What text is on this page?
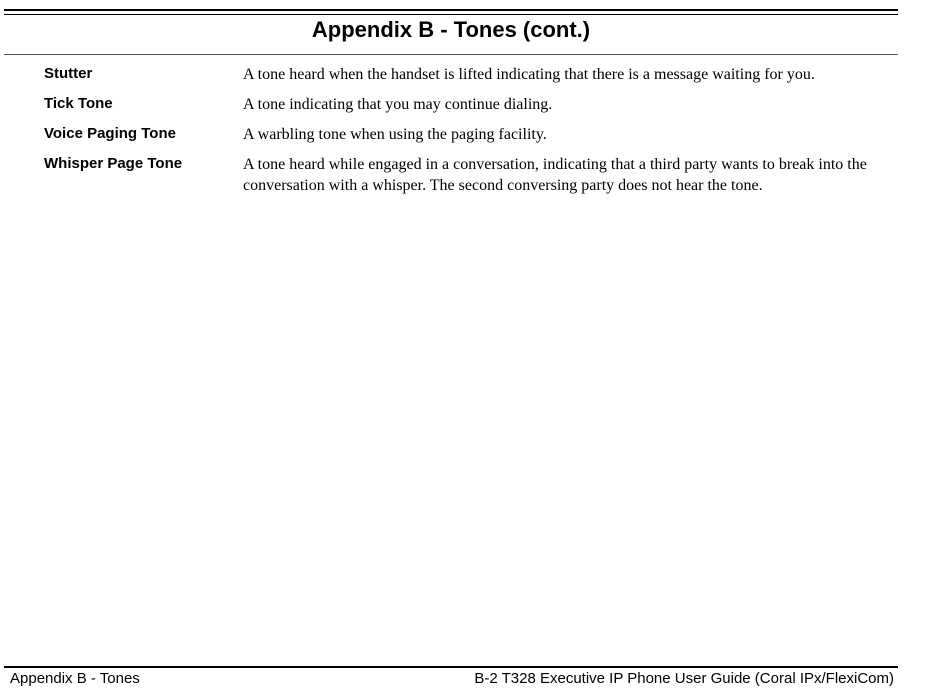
Appendix B - Tones (cont.)
Stutter	A tone heard when the handset is lifted indicating that there is a message waiting for you.
Tick Tone	A tone indicating that you may continue dialing.
Voice Paging Tone	A warbling tone when using the paging facility.
Whisper Page Tone	A tone heard while engaged in a conversation, indicating that a third party wants to break into the conversation with a whisper. The second conversing party does not hear the tone.
Appendix B - Tones	B-2 T328 Executive IP Phone User Guide (Coral IPx/FlexiCom)
